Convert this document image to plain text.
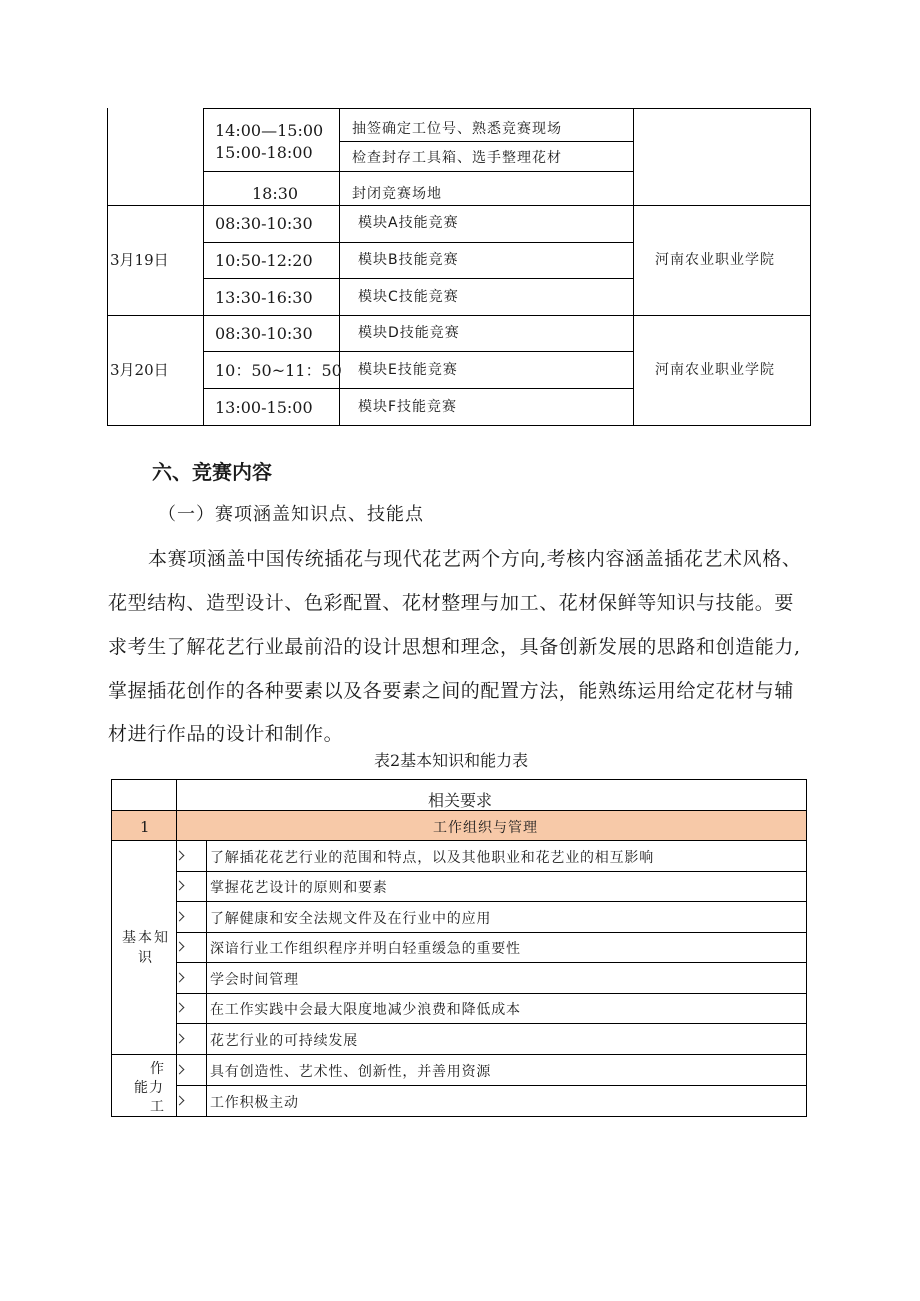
14:00—15:00
15:00-18:00
18:30
08:30-10:30
10:50-12:20
13:30-16:30
08:30-10:30
10：50~11：50
13:00-15:00
抽签确定工位号、熟悉竞赛现场
检查封存工具箱、选手整理花材
封闭竞赛场地
模块A技能竞赛
模块B技能竞赛
模块C技能竞赛
模块D技能竞赛
模块E技能竞赛
模块F技能竞赛
3月19日
3月20日
河南农业职业学院
河南农业职业学院
六、竞赛内容
（一）赛项涵盖知识点、技能点
本赛项涵盖中国传统插花与现代花艺两个方向,考核内容涵盖插花艺术风格、
花型结构、造型设计、色彩配置、花材整理与加工、花材保鲜等知识与技能。要
求考生了解花艺行业最前沿的设计思想和理念，具备创新发展的思路和创造能力,
掌握插花创作的各种要素以及各要素之间的配置方法，能熟练运用给定花材与辅
材进行作品的设计和制作。
表2基本知识和能力表
相关要求
1	工作组织与管理
基本知识
了解插花花艺行业的范围和特点，以及其他职业和花艺业的相互影响
掌握花艺设计的原则和要素
了解健康和安全法规文件及在行业中的应用
深谙行业工作组织程序并明白轻重缓急的重要性
学会时间管理
在工作实践中会最大限度地减少浪费和降低成本
花艺行业的可持续发展
作
能力
工
具有创造性、艺术性、创新性，并善用资源
工作积极主动
